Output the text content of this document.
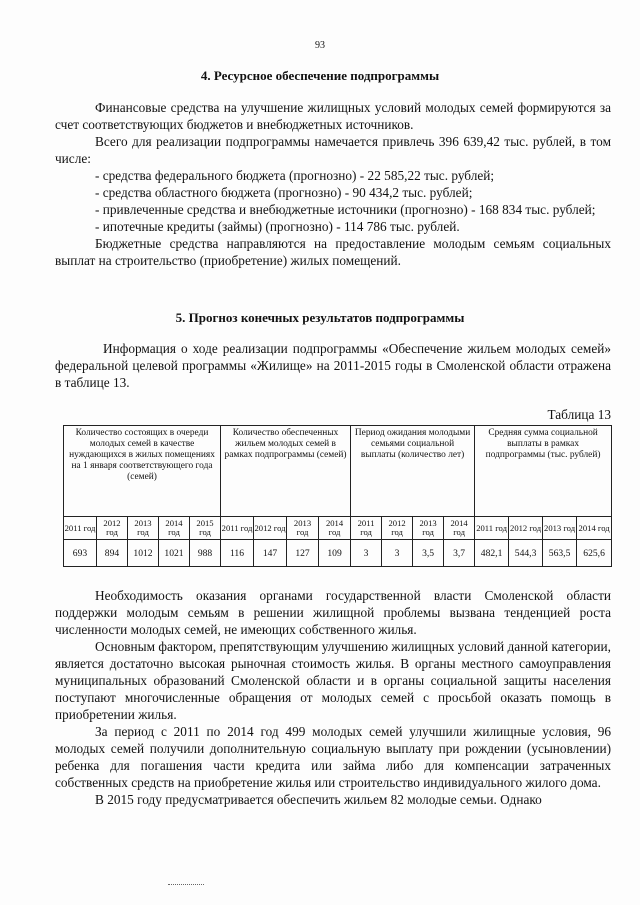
93
4. Ресурсное обеспечение подпрограммы

Финансовые средства на улучшение жилищных условий молодых семей формируются за счет соответствующих бюджетов и внебюджетных источников.

Всего для реализации подпрограммы намечается привлечь 396 639,42 тыс. рублей, в том числе:

- средства федерального бюджета (прогнозно) - 22 585,22 тыс. рублей;

- средства областного бюджета (прогнозно) - 90 434,2 тыс. рублей;

- привлеченные средства и внебюджетные источники (прогнозно) - 168 834 тыс. рублей;

- ипотечные кредиты (займы) (прогнозно) - 114 786 тыс. рублей.

Бюджетные средства направляются на предоставление молодым семьям социальных выплат на строительство (приобретение) жилых помещений.

5. Прогноз конечных результатов подпрограммы

Информация о ходе реализации подпрограммы «Обеспечение жильем молодых семей» федеральной целевой программы «Жилище» на 2011-2015 годы в Смоленской области отражена в таблице 13.

Таблица 13
Количество состоящих в очереди молодых семей в качестве нуждающихся в жилых помещениях на 1 января соответствующего года (семей)					Количество обеспеченных жильем молодых семей в рамках подпрограммы (семей)				Период ожидания молодыми семьями социальной выплаты (количество лет)				Средняя сумма социальной выплаты в рамках подпрограммы (тыс. рублей)			
2011 год	2012 год	2013 год	2014 год	2015 год	2011 год	2012 год	2013 год	2014 год	2011 год	2012 год	2013 год	2014 год	2011 год	2012 год	2013 год	2014 год
693	894	1012	1021	988	116	147	127	109	3	3	3,5	3,7	482,1	544,3	563,5	625,6

Необходимость оказания органами государственной власти Смоленской области поддержки молодым семьям в решении жилищной проблемы вызвана тенденцией роста численности молодых семей, не имеющих собственного жилья.

Основным фактором, препятствующим улучшению жилищных условий данной категории, является достаточно высокая рыночная стоимость жилья. В органы местного самоуправления муниципальных образований Смоленской области и в органы социальной защиты населения поступают многочисленные обращения от молодых семей с просьбой оказать помощь в приобретении жилья.

За период с 2011 по 2014 год 499 молодых семей улучшили жилищные условия, 96 молодых семей получили дополнительную социальную выплату при рождении (усыновлении) ребенка для погашения части кредита или займа либо для компенсации затраченных собственных средств на приобретение жилья или строительство индивидуального жилого дома.

В 2015 году предусматривается обеспечить жильем 82 молодые семьи. Однако
